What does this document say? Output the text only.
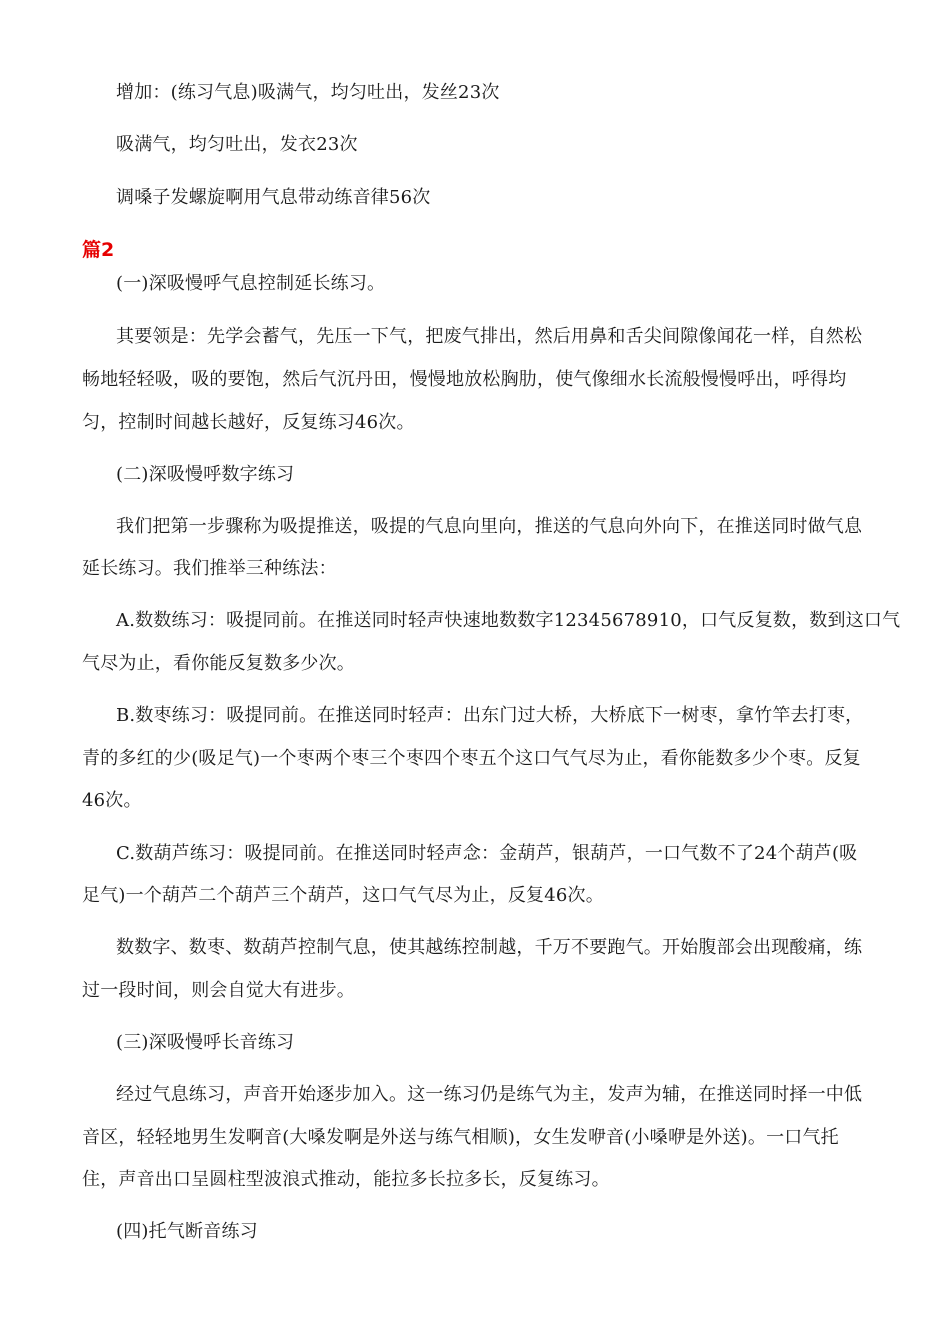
增加：(练习气息)吸满气，均匀吐出，发丝23次
吸满气，均匀吐出，发衣23次
调嗓子发螺旋啊用气息带动练音律56次
篇2
(一)深吸慢呼气息控制延长练习。
其要领是：先学会蓄气，先压一下气，把废气排出，然后用鼻和舌尖间隙像闻花一样，自然松
畅地轻轻吸，吸的要饱，然后气沉丹田，慢慢地放松胸肋，使气像细水长流般慢慢呼出，呼得均
匀，控制时间越长越好，反复练习46次。
(二)深吸慢呼数字练习
我们把第一步骤称为吸提推送，吸提的气息向里向，推送的气息向外向下，在推送同时做气息
延长练习。我们推举三种练法：
A.数数练习：吸提同前。在推送同时轻声快速地数数字12345678910，口气反复数，数到这口气
气尽为止，看你能反复数多少次。
B.数枣练习：吸提同前。在推送同时轻声：出东门过大桥，大桥底下一树枣，拿竹竿去打枣，
青的多红的少(吸足气)一个枣两个枣三个枣四个枣五个这口气气尽为止，看你能数多少个枣。反复
46次。
C.数葫芦练习：吸提同前。在推送同时轻声念：金葫芦，银葫芦，一口气数不了24个葫芦(吸
足气)一个葫芦二个葫芦三个葫芦，这口气气尽为止，反复46次。
数数字、数枣、数葫芦控制气息，使其越练控制越，千万不要跑气。开始腹部会出现酸痛，练
过一段时间，则会自觉大有进步。
(三)深吸慢呼长音练习
经过气息练习，声音开始逐步加入。这一练习仍是练气为主，发声为辅，在推送同时择一中低
音区，轻轻地男生发啊音(大嗓发啊是外送与练气相顺)，女生发咿音(小嗓咿是外送)。一口气托
住，声音出口呈圆柱型波浪式推动，能拉多长拉多长，反复练习。
(四)托气断音练习
